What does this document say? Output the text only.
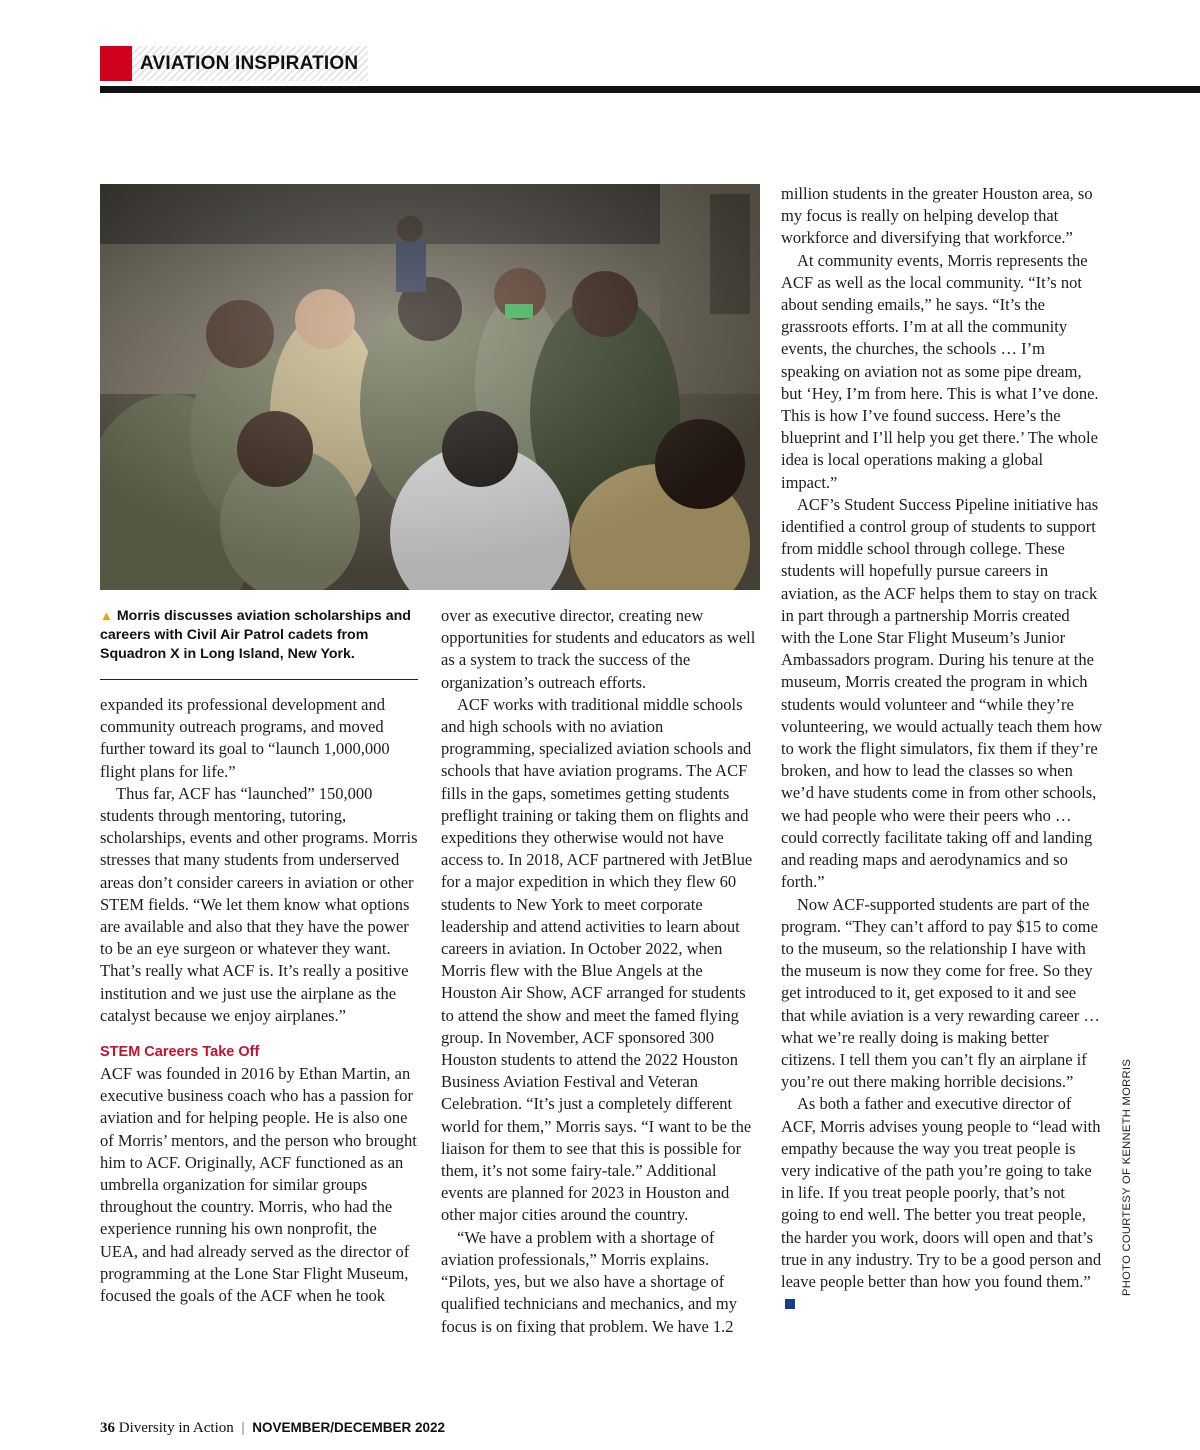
AVIATION INSPIRATION
▲ Morris discusses aviation scholarships and careers with Civil Air Patrol cadets from Squadron X in Long Island, New York.

expanded its professional development and community outreach programs, and moved further toward its goal to “launch 1,000,000 flight plans for life.”

Thus far, ACF has “launched” 150,000 students through mentoring, tutoring, scholarships, events and other programs. Morris stresses that many students from underserved areas don’t consider careers in aviation or other STEM fields. “We let them know what options are available and also that they have the power to be an eye surgeon or whatever they want. That’s really what ACF is. It’s really a positive institution and we just use the airplane as the catalyst because we enjoy airplanes.”

STEM Careers Take Off

ACF was founded in 2016 by Ethan Martin, an executive business coach who has a passion for aviation and for helping people. He is also one of Morris’ mentors, and the person who brought him to ACF. Originally, ACF functioned as an umbrella organization for similar groups throughout the country. Morris, who had the experience running his own nonprofit, the UEA, and had already served as the director of programming at the Lone Star Flight Museum, focused the goals of the ACF when he took

over as executive director, creating new opportunities for students and educators as well as a system to track the success of the organization’s outreach efforts.

ACF works with traditional middle schools and high schools with no aviation programming, specialized aviation schools and schools that have aviation programs. The ACF fills in the gaps, sometimes getting students preflight training or taking them on flights and expeditions they otherwise would not have access to. In 2018, ACF partnered with JetBlue for a major expedition in which they flew 60 students to New York to meet corporate leadership and attend activities to learn about careers in aviation. In October 2022, when Morris flew with the Blue Angels at the Houston Air Show, ACF arranged for students to attend the show and meet the famed flying group. In November, ACF sponsored 300 Houston students to attend the 2022 Houston Business Aviation Festival and Veteran Celebration. “It’s just a completely different world for them,” Morris says. “I want to be the liaison for them to see that this is possible for them, it’s not some fairy-tale.” Additional events are planned for 2023 in Houston and other major cities around the country.

“We have a problem with a shortage of aviation professionals,” Morris explains. “Pilots, yes, but we also have a shortage of qualified technicians and mechanics, and my focus is on fixing that problem. We have 1.2

million students in the greater Houston area, so my focus is really on helping develop that workforce and diversifying that workforce.”

At community events, Morris represents the ACF as well as the local community. “It’s not about sending emails,” he says. “It’s the grassroots efforts. I’m at all the community events, the churches, the schools … I’m speaking on aviation not as some pipe dream, but ‘Hey, I’m from here. This is what I’ve done. This is how I’ve found success. Here’s the blueprint and I’ll help you get there.’ The whole idea is local operations making a global impact.”

ACF’s Student Success Pipeline initiative has identified a control group of students to support from middle school through college. These students will hopefully pursue careers in aviation, as the ACF helps them to stay on track in part through a partnership Morris created with the Lone Star Flight Museum’s Junior Ambassadors program. During his tenure at the museum, Morris created the program in which students would volunteer and “while they’re volunteering, we would actually teach them how to work the flight simulators, fix them if they’re broken, and how to lead the classes so when we’d have students come in from other schools, we had people who were their peers who … could correctly facilitate taking off and landing and reading maps and aerodynamics and so forth.”

Now ACF-supported students are part of the program. “They can’t afford to pay $15 to come to the museum, so the relationship I have with the museum is now they come for free. So they get introduced to it, get exposed to it and see that while aviation is a very rewarding career … what we’re really doing is making better citizens. I tell them you can’t fly an airplane if you’re out there making horrible decisions.”

As both a father and executive director of ACF, Morris advises young people to “lead with empathy because the way you treat people is very indicative of the path you’re going to take in life. If you treat people poorly, that’s not going to end well. The better you treat people, the harder you work, doors will open and that’s true in any industry. Try to be a good person and leave people better than how you found them.”	PHOTO COURTESY OF KENNETH MORRIS
36 Diversity in Action | NOVEMBER/DECEMBER 2022
